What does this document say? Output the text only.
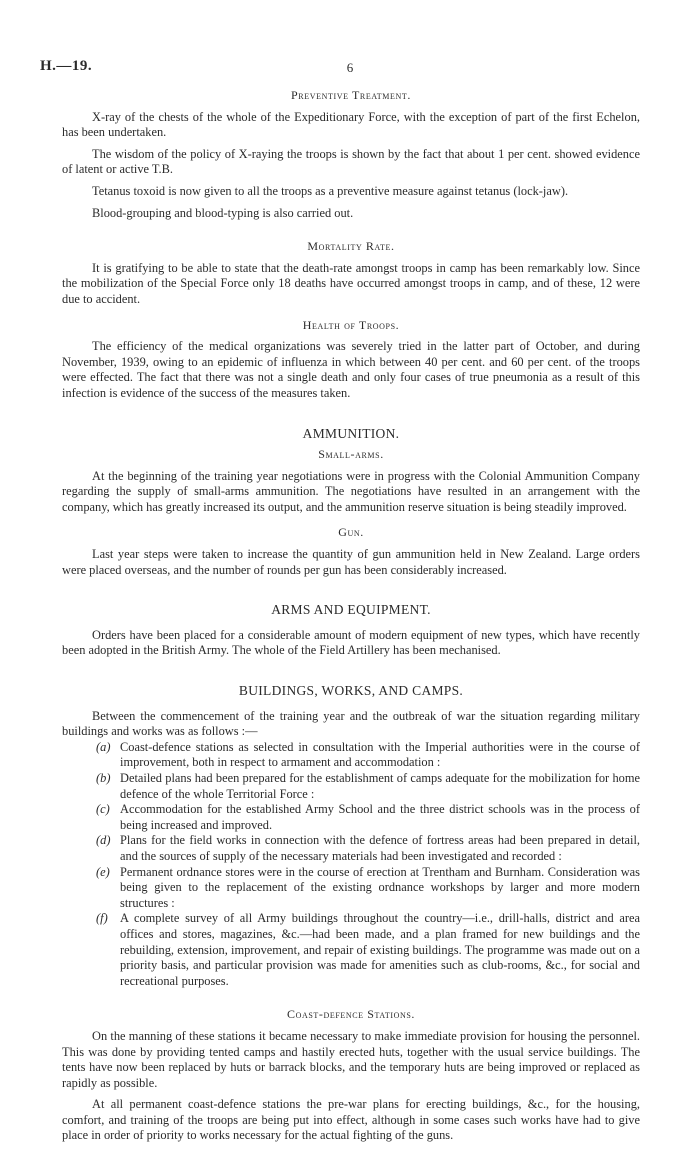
H.—19.	6
Preventive Treatment.

X-ray of the chests of the whole of the Expeditionary Force, with the exception of part of the first Echelon, has been undertaken.

The wisdom of the policy of X-raying the troops is shown by the fact that about 1 per cent. showed evidence of latent or active T.B.

Tetanus toxoid is now given to all the troops as a preventive measure against tetanus (lock-jaw).

Blood-grouping and blood-typing is also carried out.

Mortality Rate.

It is gratifying to be able to state that the death-rate amongst troops in camp has been remarkably low. Since the mobilization of the Special Force only 18 deaths have occurred amongst troops in camp, and of these, 12 were due to accident.

Health of Troops.

The efficiency of the medical organizations was severely tried in the latter part of October, and during November, 1939, owing to an epidemic of influenza in which between 40 per cent. and 60 per cent. of the troops were effected. The fact that there was not a single death and only four cases of true pneumonia as a result of this infection is evidence of the success of the measures taken.

AMMUNITION.
Small-arms.

At the beginning of the training year negotiations were in progress with the Colonial Ammunition Company regarding the supply of small-arms ammunition. The negotiations have resulted in an arrangement with the company, which has greatly increased its output, and the ammunition reserve situation is being steadily improved.

Gun.

Last year steps were taken to increase the quantity of gun ammunition held in New Zealand. Large orders were placed overseas, and the number of rounds per gun has been considerably increased.

ARMS AND EQUIPMENT.

Orders have been placed for a considerable amount of modern equipment of new types, which have recently been adopted in the British Army. The whole of the Field Artillery has been mechanised.

BUILDINGS, WORKS, AND CAMPS.

Between the commencement of the training year and the outbreak of war the situation regarding military buildings and works was as follows :—

(a) Coast-defence stations as selected in consultation with the Imperial authorities were in the course of improvement, both in respect to armament and accommodation :
(b) Detailed plans had been prepared for the establishment of camps adequate for the mobilization for home defence of the whole Territorial Force :
(c) Accommodation for the established Army School and the three district schools was in the process of being increased and improved.
(d) Plans for the field works in connection with the defence of fortress areas had been prepared in detail, and the sources of supply of the necessary materials had been investigated and recorded :
(e) Permanent ordnance stores were in the course of erection at Trentham and Burnham. Consideration was being given to the replacement of the existing ordnance workshops by larger and more modern structures :
(f) A complete survey of all Army buildings throughout the country—i.e., drill-halls, district and area offices and stores, magazines, &c.—had been made, and a plan framed for new buildings and the rebuilding, extension, improvement, and repair of existing buildings. The programme was made out on a priority basis, and particular provision was made for amenities such as club-rooms, &c., for social and recreational purposes.
Coast-defence Stations.

On the manning of these stations it became necessary to make immediate provision for housing the personnel. This was done by providing tented camps and hastily erected huts, together with the usual service buildings. The tents have now been replaced by huts or barrack blocks, and the temporary huts are being improved or replaced as rapidly as possible.

At all permanent coast-defence stations the pre-war plans for erecting buildings, &c., for the housing, comfort, and training of the troops are being put into effect, although in some cases such works have had to give place in order of priority to works necessary for the actual fighting of the guns.
